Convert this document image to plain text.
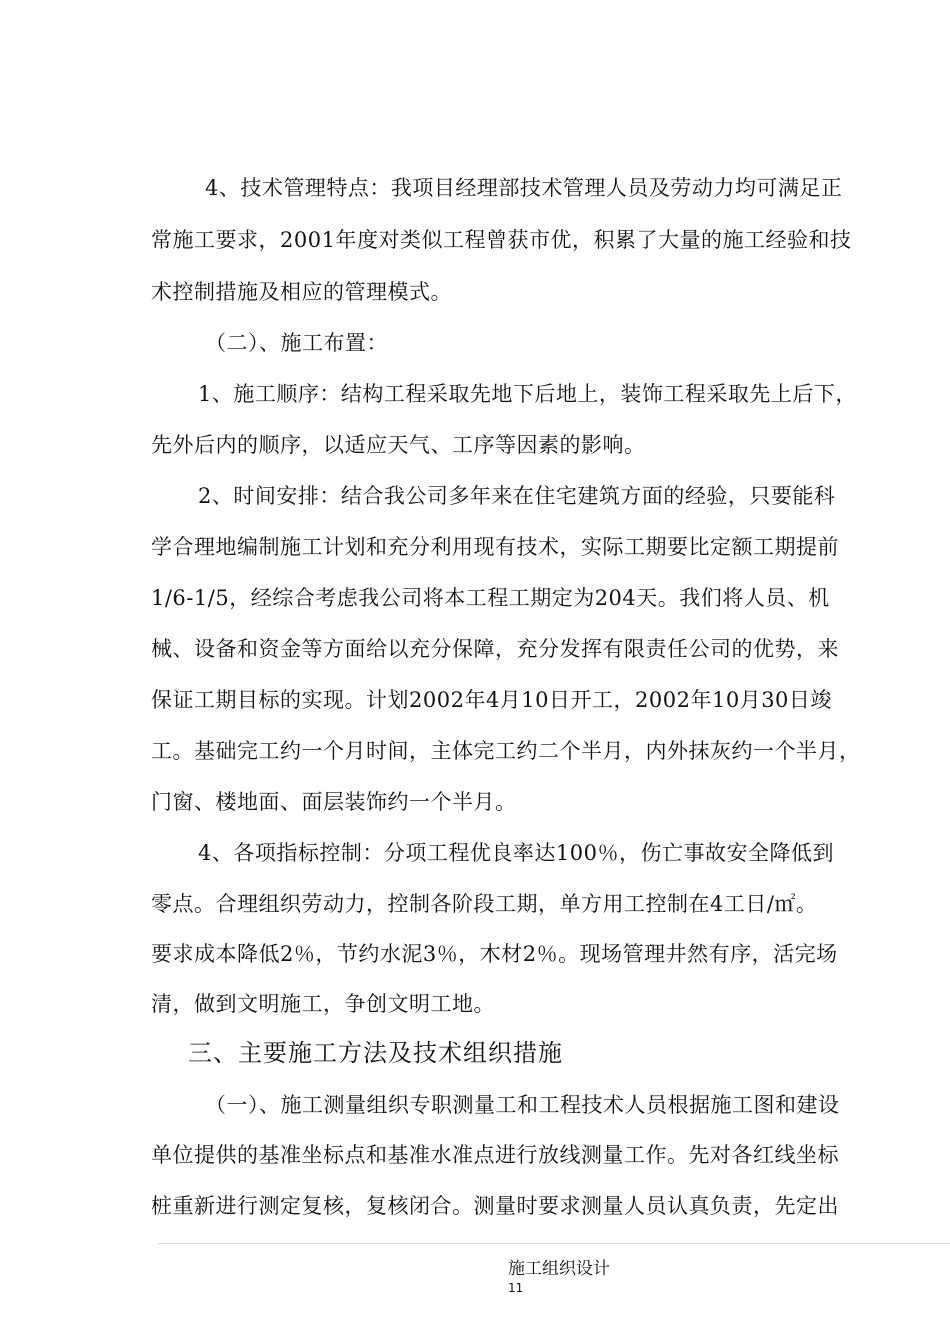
4、技术管理特点：我项目经理部技术管理人员及劳动力均可满足正
常施工要求，2001年度对类似工程曾获市优，积累了大量的施工经验和技
术控制措施及相应的管理模式。
（二）、施工布置：
1、施工顺序：结构工程采取先地下后地上，装饰工程采取先上后下，
先外后内的顺序，以适应天气、工序等因素的影响。
2、时间安排：结合我公司多年来在住宅建筑方面的经验，只要能科
学合理地编制施工计划和充分利用现有技术，实际工期要比定额工期提前
1/6-1/5，经综合考虑我公司将本工程工期定为204天。我们将人员、机
械、设备和资金等方面给以充分保障，充分发挥有限责任公司的优势，来
保证工期目标的实现。计划2002年4月10日开工，2002年10月30日竣
工。基础完工约一个月时间，主体完工约二个半月，内外抹灰约一个半月，
门窗、楼地面、面层装饰约一个半月。
4、各项指标控制：分项工程优良率达100％，伤亡事故安全降低到
零点。合理组织劳动力，控制各阶段工期，单方用工控制在4工日/㎡。
要求成本降低2％，节约水泥3％，木材2％。现场管理井然有序，活完场
清，做到文明施工，争创文明工地。
三、主要施工方法及技术组织措施
（一）、施工测量组织专职测量工和工程技术人员根据施工图和建设
单位提供的基准坐标点和基准水准点进行放线测量工作。先对各红线坐标
桩重新进行测定复核，复核闭合。测量时要求测量人员认真负责，先定出
施工组织设计
11
